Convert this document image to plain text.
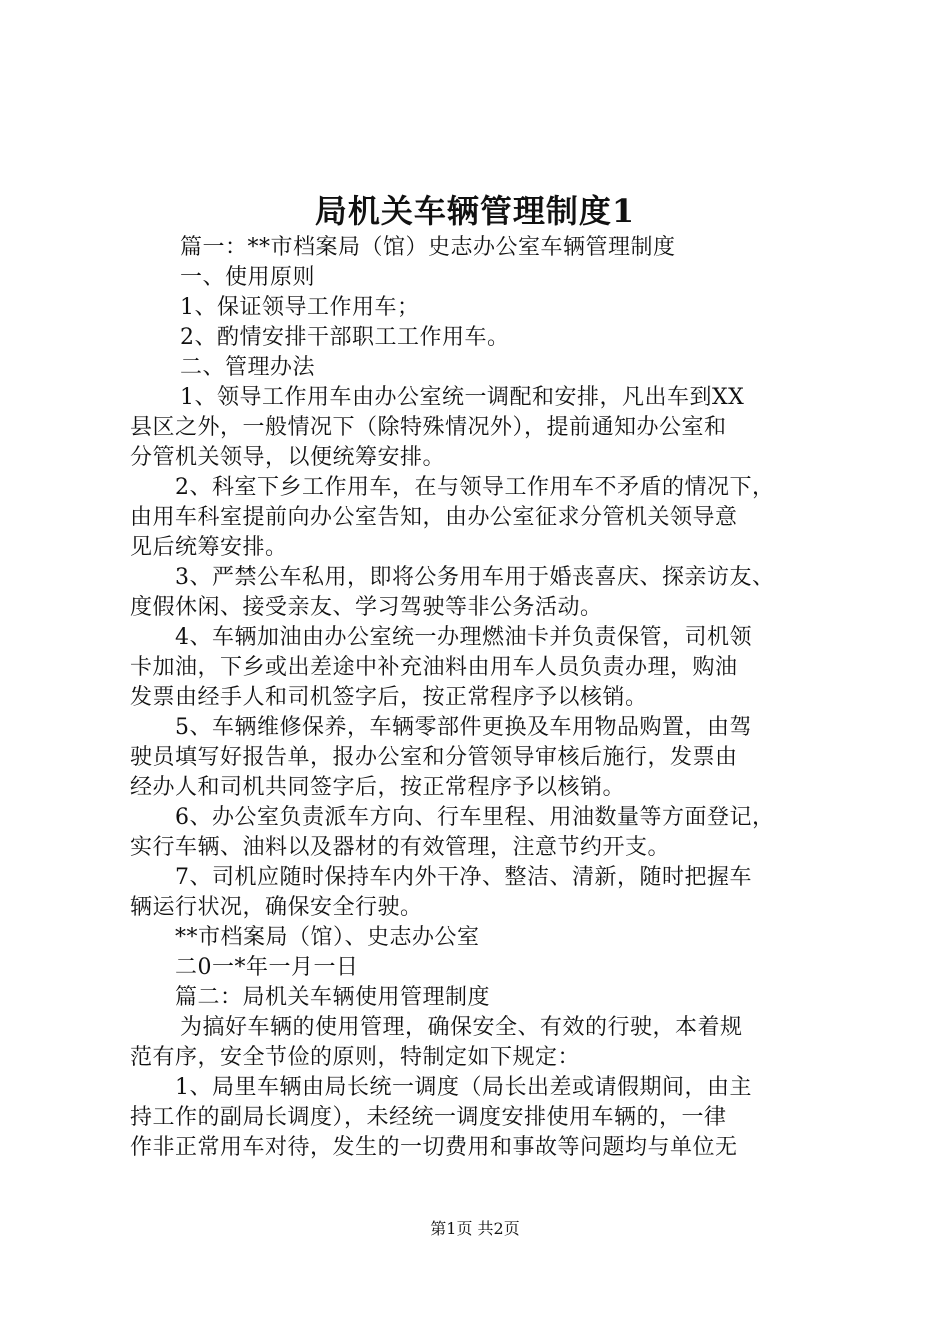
局机关车辆管理制度1

篇一：**市档案局（馆）史志办公室车辆管理制度

一、使用原则

1、保证领导工作用车；

2、酌情安排干部职工工作用车。

二、管理办法

1、领导工作用车由办公室统一调配和安排，凡出车到XX

县区之外，一般情况下（除特殊情况外），提前通知办公室和

分管机关领导，以便统筹安排。

2、科室下乡工作用车，在与领导工作用车不矛盾的情况下，

由用车科室提前向办公室告知，由办公室征求分管机关领导意

见后统筹安排。

3、严禁公车私用，即将公务用车用于婚丧喜庆、探亲访友、

度假休闲、接受亲友、学习驾驶等非公务活动。

4、车辆加油由办公室统一办理燃油卡并负责保管，司机领

卡加油，下乡或出差途中补充油料由用车人员负责办理，购油

发票由经手人和司机签字后，按正常程序予以核销。

5、车辆维修保养，车辆零部件更换及车用物品购置，由驾

驶员填写好报告单，报办公室和分管领导审核后施行，发票由

经办人和司机共同签字后，按正常程序予以核销。

6、办公室负责派车方向、行车里程、用油数量等方面登记，

实行车辆、油料以及器材的有效管理，注意节约开支。

7、司机应随时保持车内外干净、整洁、清新，随时把握车

辆运行状况，确保安全行驶。

**市档案局（馆）、史志办公室

二0一*年一月一日

篇二：局机关车辆使用管理制度

为搞好车辆的使用管理，确保安全、有效的行驶，本着规

范有序，安全节俭的原则，特制定如下规定：

1、局里车辆由局长统一调度（局长出差或请假期间，由主

持工作的副局长调度），未经统一调度安排使用车辆的，一律

作非正常用车对待，发生的一切费用和事故等问题均与单位无

第1页 共2页
